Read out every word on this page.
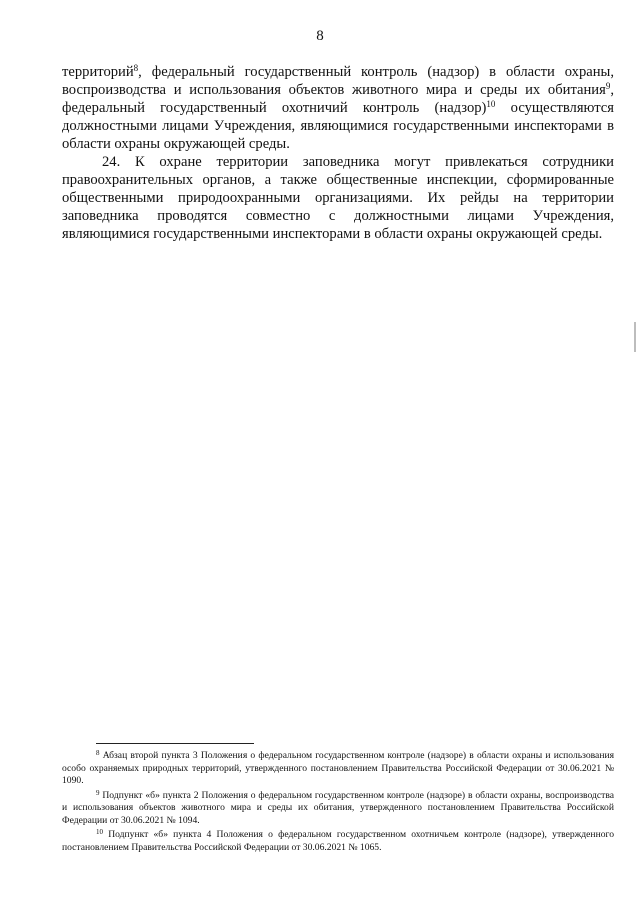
8

территорий$^8$, федеральный государственный контроль (надзор) в области охраны, воспроизводства и использования объектов животного мира и среды их обитания$^9$, федеральный государственный охотничий контроль (надзор)$^{10}$ осуществляются должностными лицами Учреждения, являющимися государственными инспекторами в области охраны окружающей среды.

24. К охране территории заповедника могут привлекаться сотрудники правоохранительных органов, а также общественные инспекции, сформированные общественными природоохранными организациями. Их рейды на территории заповедника проводятся совместно с должностными лицами Учреждения, являющимися государственными инспекторами в области охраны окружающей среды.

$^8$ Абзац второй пункта 3 Положения о федеральном государственном контроле (надзоре) в области охраны и использования особо охраняемых природных территорий, утвержденного постановлением Правительства Российской Федерации от 30.06.2021 № 1090.

$^9$ Подпункт «б» пункта 2 Положения о федеральном государственном контроле (надзоре) в области охраны, воспроизводства и использования объектов животного мира и среды их обитания, утвержденного постановлением Правительства Российской Федерации от 30.06.2021 № 1094.

$^{10}$ Подпункт «б» пункта 4 Положения о федеральном государственном охотничьем контроле (надзоре), утвержденного постановлением Правительства Российской Федерации от 30.06.2021 № 1065.
